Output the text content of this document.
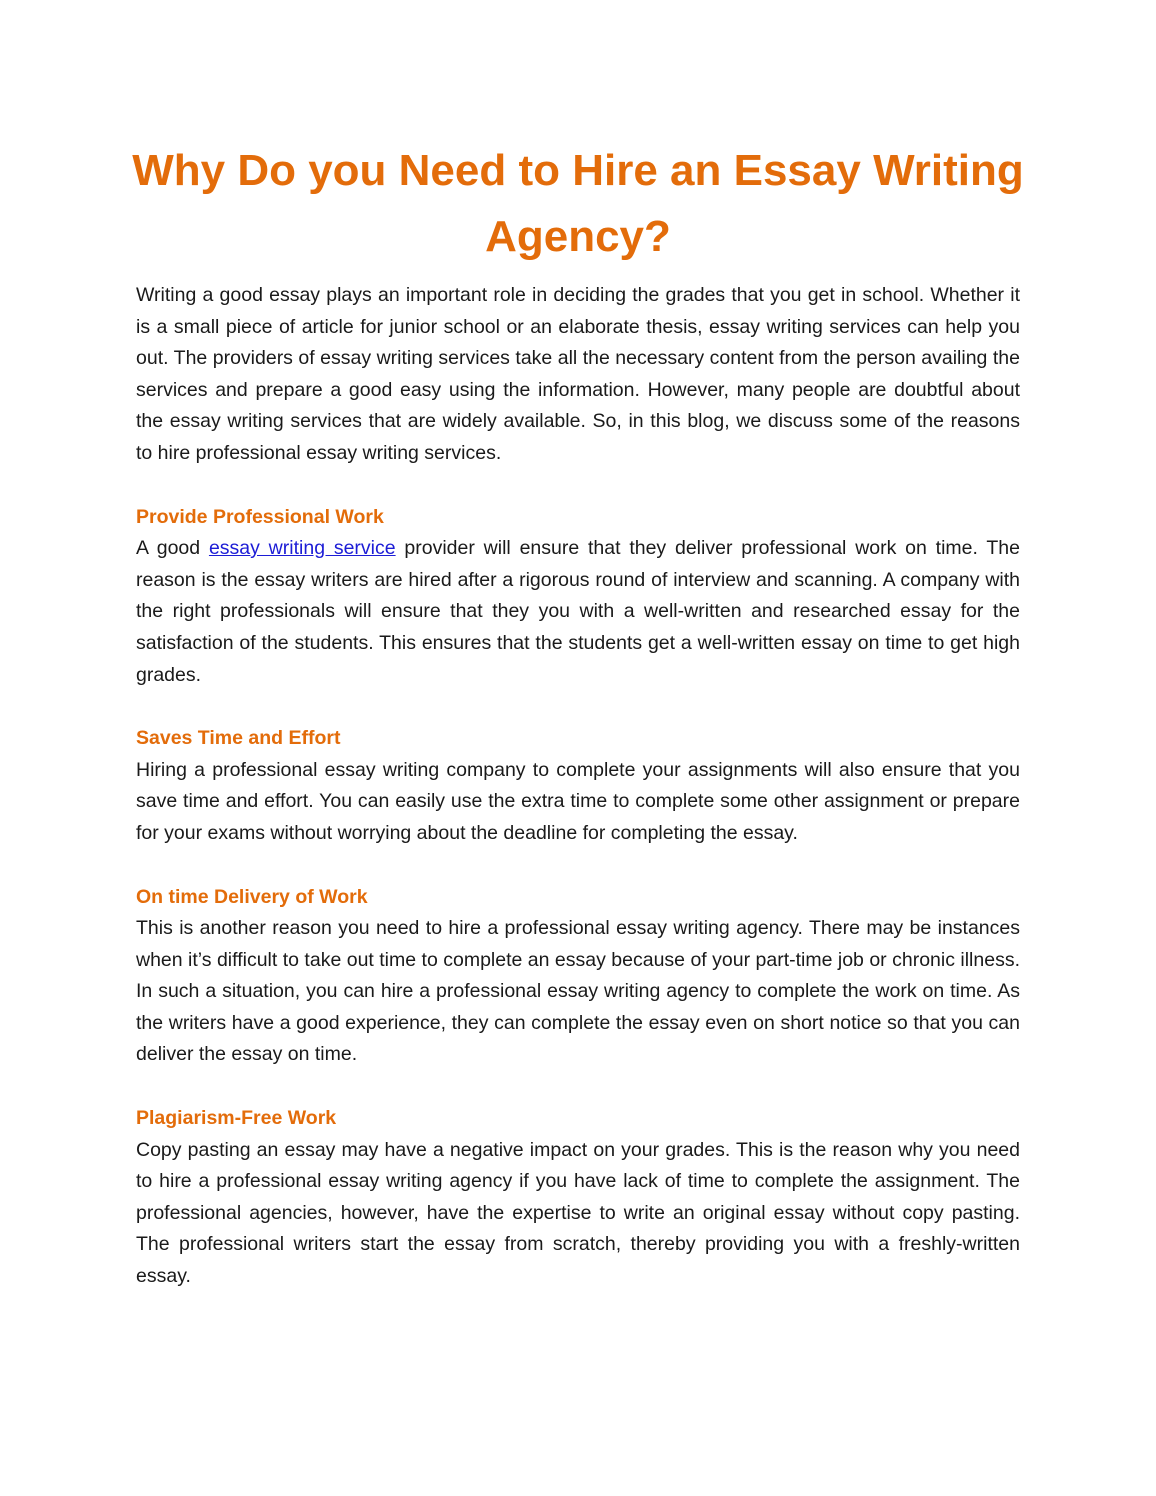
Why Do you Need to Hire an Essay Writing Agency?

Writing a good essay plays an important role in deciding the grades that you get in school. Whether it is a small piece of article for junior school or an elaborate thesis, essay writing services can help you out. The providers of essay writing services take all the necessary content from the person availing the services and prepare a good easy using the information. However, many people are doubtful about the essay writing services that are widely available. So, in this blog, we discuss some of the reasons to hire professional essay writing services.

Provide Professional Work

A good essay writing service provider will ensure that they deliver professional work on time. The reason is the essay writers are hired after a rigorous round of interview and scanning. A company with the right professionals will ensure that they you with a well-written and researched essay for the satisfaction of the students. This ensures that the students get a well-written essay on time to get high grades.

Saves Time and Effort

Hiring a professional essay writing company to complete your assignments will also ensure that you save time and effort. You can easily use the extra time to complete some other assignment or prepare for your exams without worrying about the deadline for completing the essay.

On time Delivery of Work

This is another reason you need to hire a professional essay writing agency. There may be instances when it’s difficult to take out time to complete an essay because of your part-time job or chronic illness. In such a situation, you can hire a professional essay writing agency to complete the work on time. As the writers have a good experience, they can complete the essay even on short notice so that you can deliver the essay on time.

Plagiarism-Free Work

Copy pasting an essay may have a negative impact on your grades. This is the reason why you need to hire a professional essay writing agency if you have lack of time to complete the assignment. The professional agencies, however, have the expertise to write an original essay without copy pasting. The professional writers start the essay from scratch, thereby providing you with a freshly-written essay.
